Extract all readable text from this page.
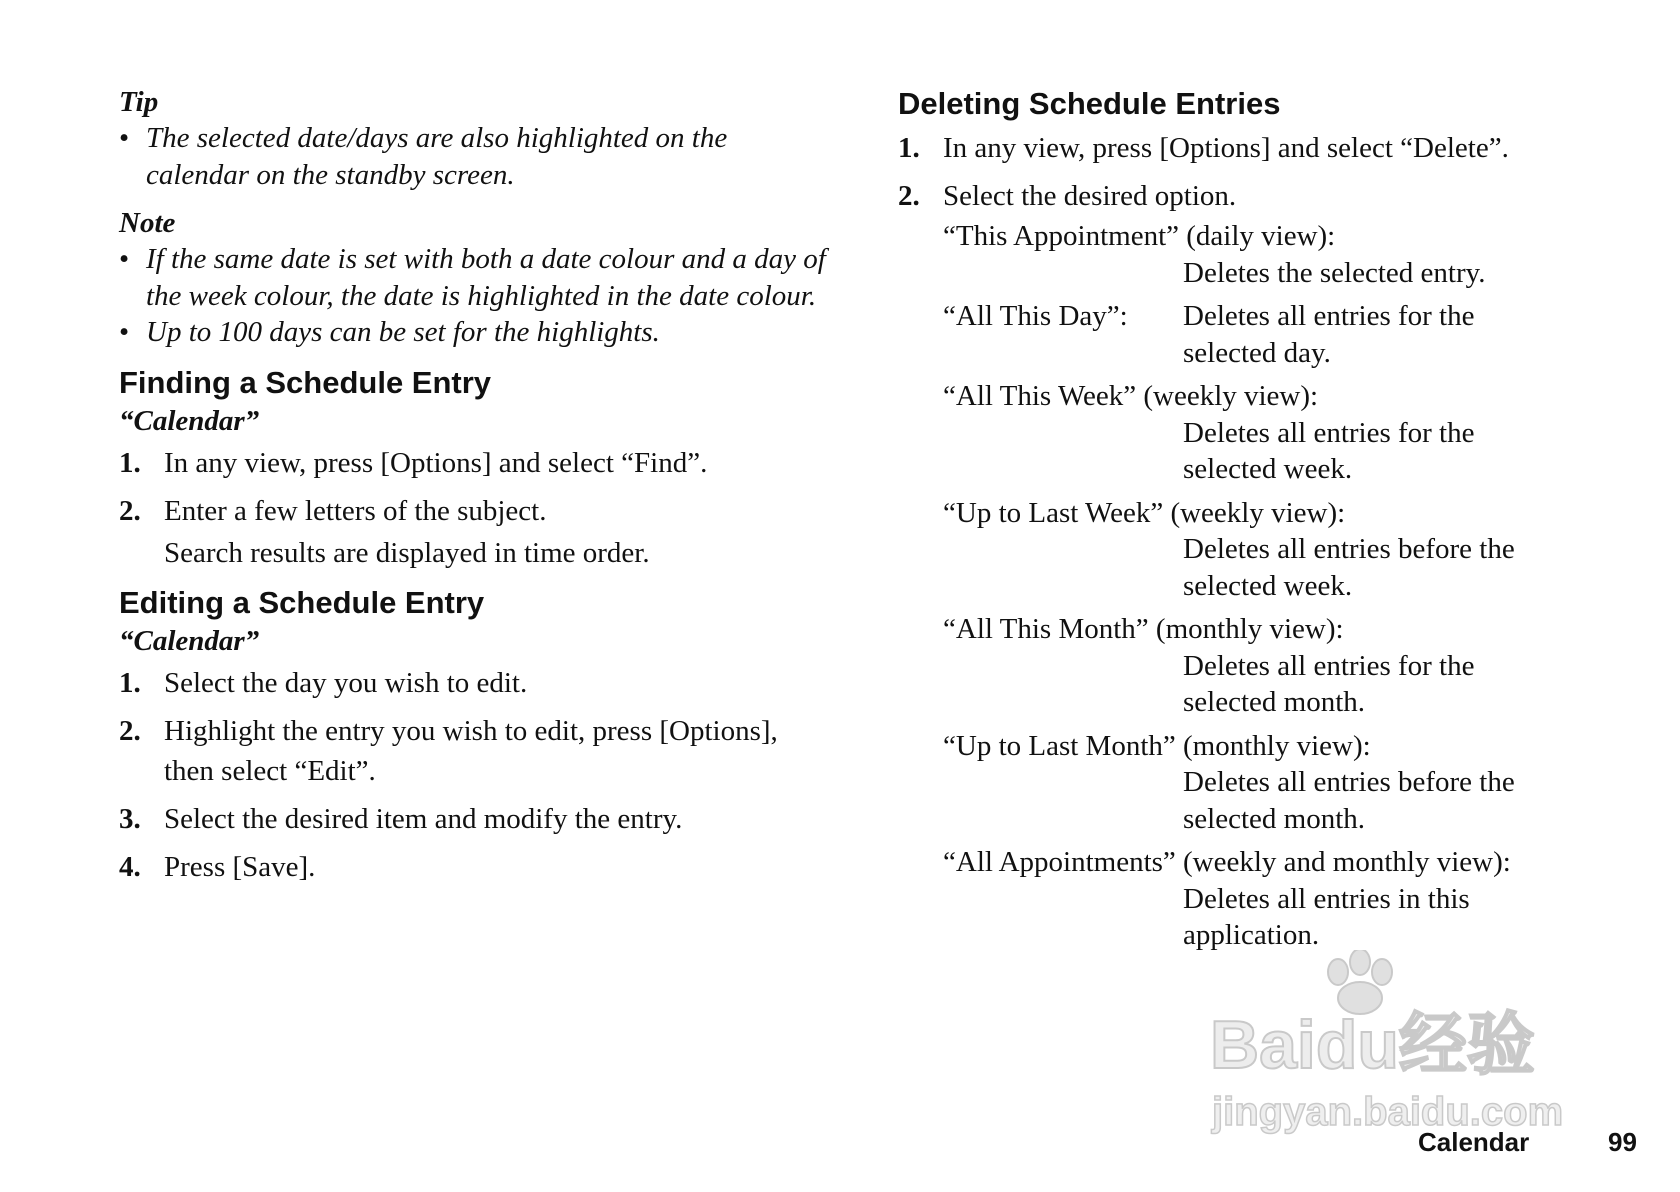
Tip

• The selected date/days are also highlighted on the calendar on the standby screen.

Note

• If the same date is set with both a date colour and a day of the week colour, the date is highlighted in the date colour.
• Up to 100 days can be set for the highlights.
Finding a Schedule Entry

“Calendar”

1. In any view, press [Options] and select “Find”.
2. Enter a few letters of the subject.
Search results are displayed in time order.
Editing a Schedule Entry

“Calendar”

1. Select the day you wish to edit.
2. Highlight the entry you wish to edit, press [Options], then select “Edit”.
3. Select the desired item and modify the entry.
4. Press [Save].
Deleting Schedule Entries
1. In any view, press [Options] and select “Delete”.
2. Select the desired option.
“This Appointment” (daily view):
Deletes the selected entry.
“All This Day”:
Deletes all entries for the selected day.
“All This Week” (weekly view):
Deletes all entries for the selected week.
“Up to Last Week” (weekly view):
Deletes all entries before the selected week.
“All This Month” (monthly view):
Deletes all entries for the selected month.
“Up to Last Month” (monthly view):
Deletes all entries before the selected month.
“All Appointments” (weekly and monthly view):
Deletes all entries in this application.
Baidu经验
jingyan.baidu.com
Calendar	99
